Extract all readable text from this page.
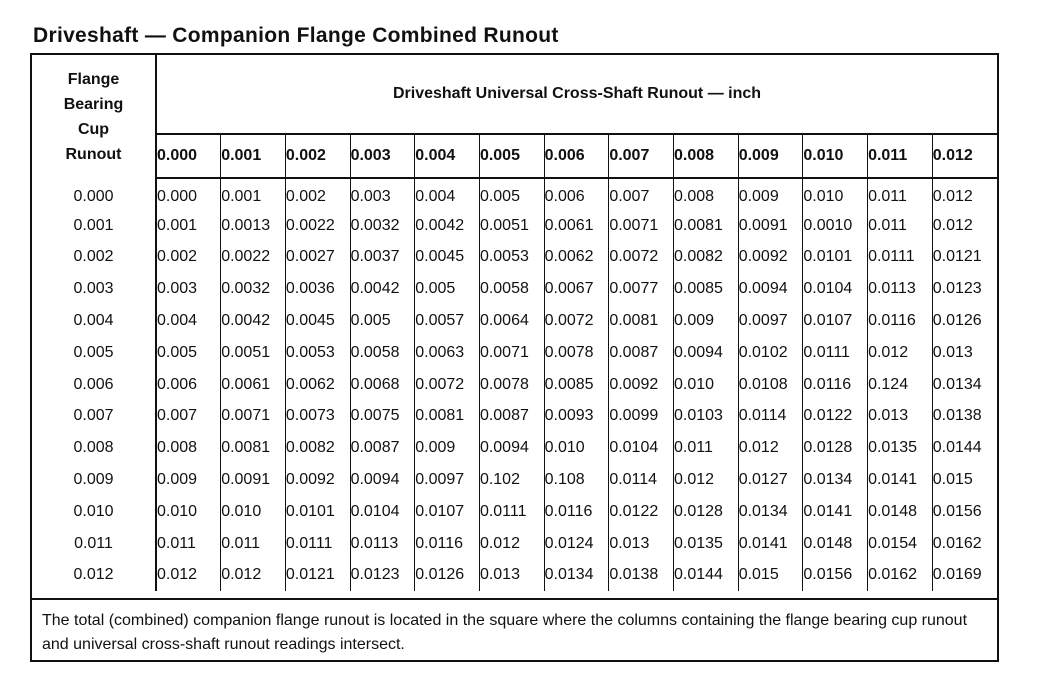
Driveshaft — Companion Flange Combined Runout
Flange
Bearing
Cup
Runout	Driveshaft Universal Cross-Shaft Runout — inch												
	0.000	0.001	0.002	0.003	0.004	0.005	0.006	0.007	0.008	0.009	0.010	0.011	0.012
0.000	0.000	0.001	0.002	0.003	0.004	0.005	0.006	0.007	0.008	0.009	0.010	0.011	0.012
0.001	0.001	0.0013	0.0022	0.0032	0.0042	0.0051	0.0061	0.0071	0.0081	0.0091	0.0010	0.011	0.012
0.002	0.002	0.0022	0.0027	0.0037	0.0045	0.0053	0.0062	0.0072	0.0082	0.0092	0.0101	0.0111	0.0121
0.003	0.003	0.0032	0.0036	0.0042	0.005	0.0058	0.0067	0.0077	0.0085	0.0094	0.0104	0.0113	0.0123
0.004	0.004	0.0042	0.0045	0.005	0.0057	0.0064	0.0072	0.0081	0.009	0.0097	0.0107	0.0116	0.0126
0.005	0.005	0.0051	0.0053	0.0058	0.0063	0.0071	0.0078	0.0087	0.0094	0.0102	0.0111	0.012	0.013
0.006	0.006	0.0061	0.0062	0.0068	0.0072	0.0078	0.0085	0.0092	0.010	0.0108	0.0116	0.124	0.0134
0.007	0.007	0.0071	0.0073	0.0075	0.0081	0.0087	0.0093	0.0099	0.0103	0.0114	0.0122	0.013	0.0138
0.008	0.008	0.0081	0.0082	0.0087	0.009	0.0094	0.010	0.0104	0.011	0.012	0.0128	0.0135	0.0144
0.009	0.009	0.0091	0.0092	0.0094	0.0097	0.102	0.108	0.0114	0.012	0.0127	0.0134	0.0141	0.015
0.010	0.010	0.010	0.0101	0.0104	0.0107	0.0111	0.0116	0.0122	0.0128	0.0134	0.0141	0.0148	0.0156
0.011	0.011	0.011	0.0111	0.0113	0.0116	0.012	0.0124	0.013	0.0135	0.0141	0.0148	0.0154	0.0162
0.012	0.012	0.012	0.0121	0.0123	0.0126	0.013	0.0134	0.0138	0.0144	0.015	0.0156	0.0162	0.0169
The total (combined) companion flange runout is located in the square where the columns containing the flange bearing cup runout and universal cross-shaft runout readings intersect.
